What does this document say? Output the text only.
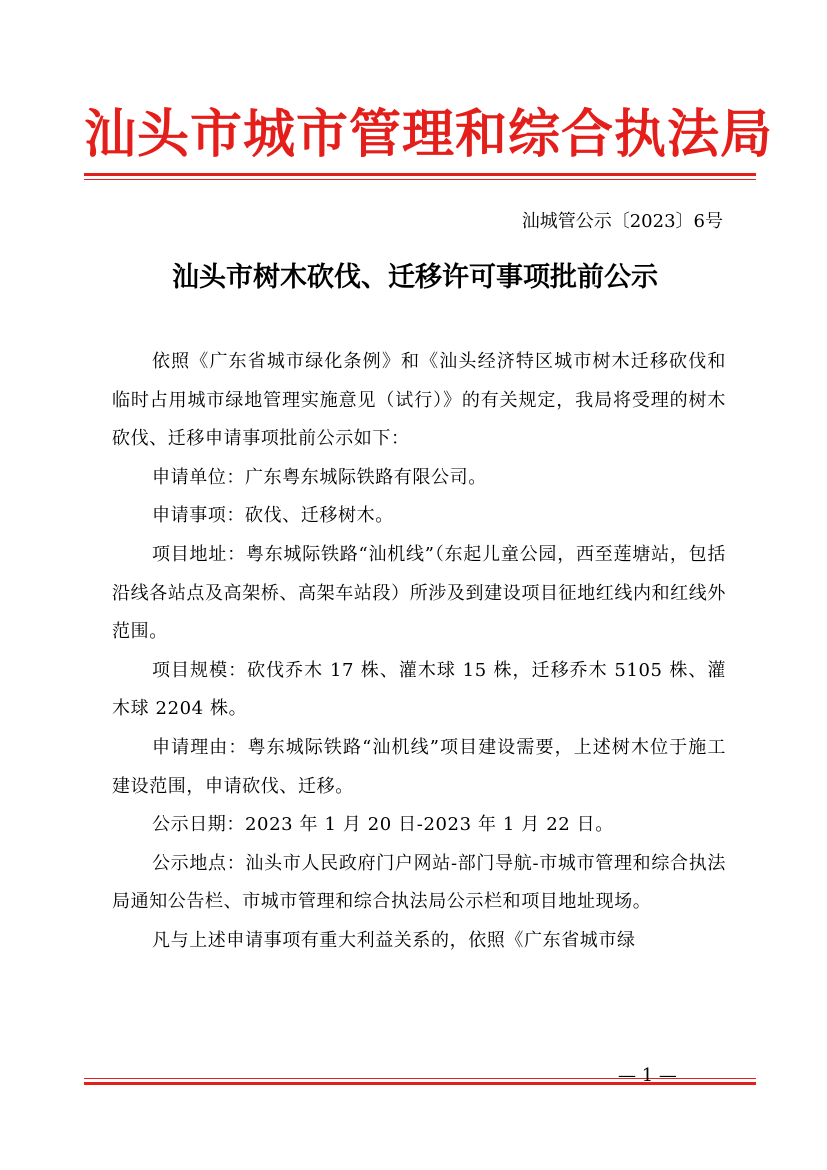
汕头市城市管理和综合执法局
汕城管公示〔2023〕6号
汕头市树木砍伐、迁移许可事项批前公示

依照《广东省城市绿化条例》和《汕头经济特区城市树木迁移砍伐和临时占用城市绿地管理实施意见（试行）》的有关规定，我局将受理的树木砍伐、迁移申请事项批前公示如下：

申请单位：广东粤东城际铁路有限公司。

申请事项：砍伐、迁移树木。

项目地址：粤东城际铁路“汕机线”（东起儿童公园，西至莲塘站，包括沿线各站点及高架桥、高架车站段）所涉及到建设项目征地红线内和红线外范围。

项目规模：砍伐乔木 17 株、灌木球 15 株，迁移乔木 5105 株、灌木球 2204 株。

申请理由：粤东城际铁路“汕机线”项目建设需要，上述树木位于施工建设范围，申请砍伐、迁移。

公示日期：2023 年 1 月 20 日-2023 年 1 月 22 日。

公示地点：汕头市人民政府门户网站-部门导航-市城市管理和综合执法局通知公告栏、市城市管理和综合执法局公示栏和项目地址现场。

凡与上述申请事项有重大利益关系的，依照《广东省城市绿

— 1 —
